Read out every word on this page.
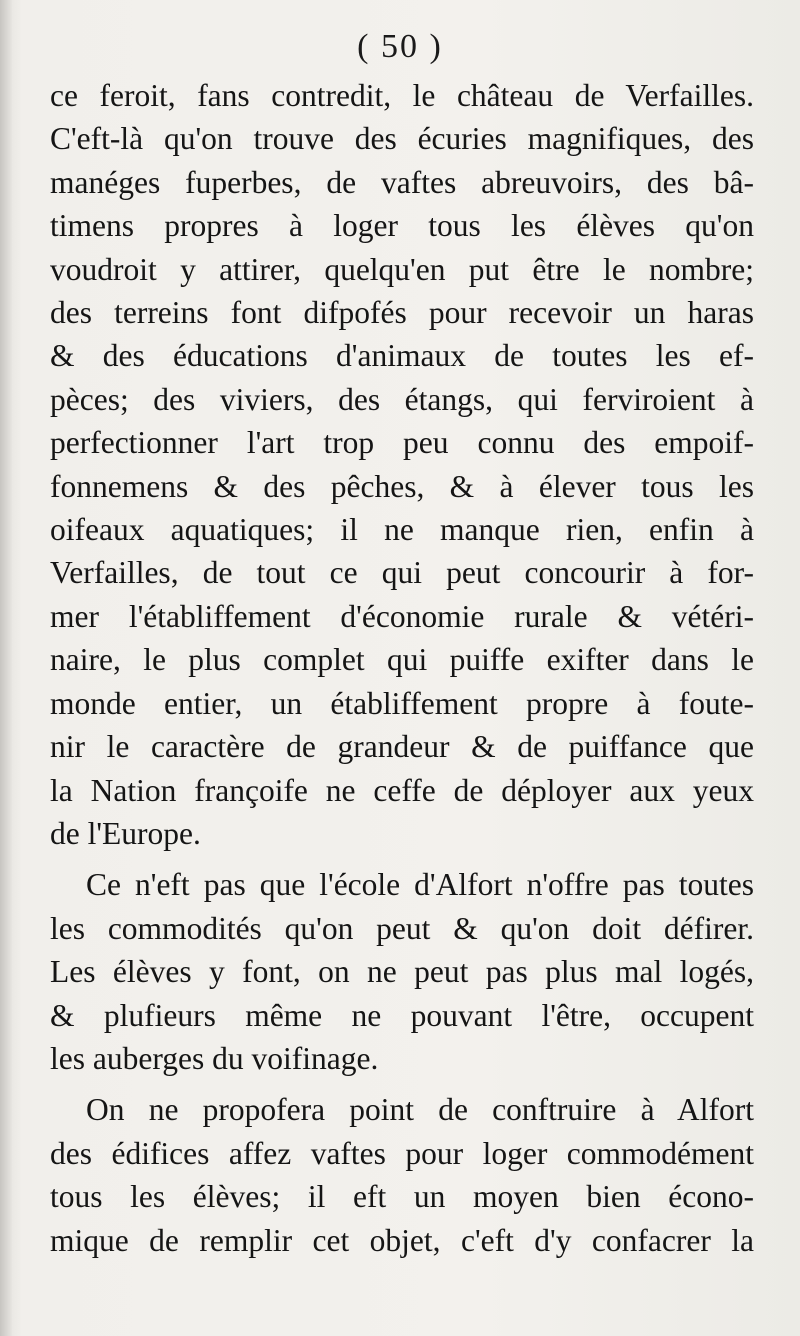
( 50 )
ce feroit, fans contredit, le château de Verfailles.
C'eft-là qu'on trouve des écuries magnifiques, des
manéges fuperbes, de vaftes abreuvoirs, des bâ-
timens propres à loger tous les élèves qu'on
voudroit y attirer, quelqu'en put être le nombre;
des terreins font difpofés pour recevoir un haras
& des éducations d'animaux de toutes les ef-
pèces; des viviers, des étangs, qui ferviroient à
perfectionner l'art trop peu connu des empoif-
fonnemens & des pêches, & à élever tous les
oifeaux aquatiques; il ne manque rien, enfin à
Verfailles, de tout ce qui peut concourir à for-
mer l'établiffement d'économie rurale & vétéri-
naire, le plus complet qui puiffe exifter dans le
monde entier, un établiffement propre à foute-
nir le caractère de grandeur & de puiffance que
la Nation françoife ne ceffe de déployer aux yeux
de l'Europe.
Ce n'eft pas que l'école d'Alfort n'offre pas toutes
les commodités qu'on peut & qu'on doit défirer.
Les élèves y font, on ne peut pas plus mal logés,
& plufieurs même ne pouvant l'être, occupent
les auberges du voifinage.
On ne propofera point de conftruire à Alfort
des édifices affez vaftes pour loger commodément
tous les élèves; il eft un moyen bien écono-
mique de remplir cet objet, c'eft d'y confacrer la
